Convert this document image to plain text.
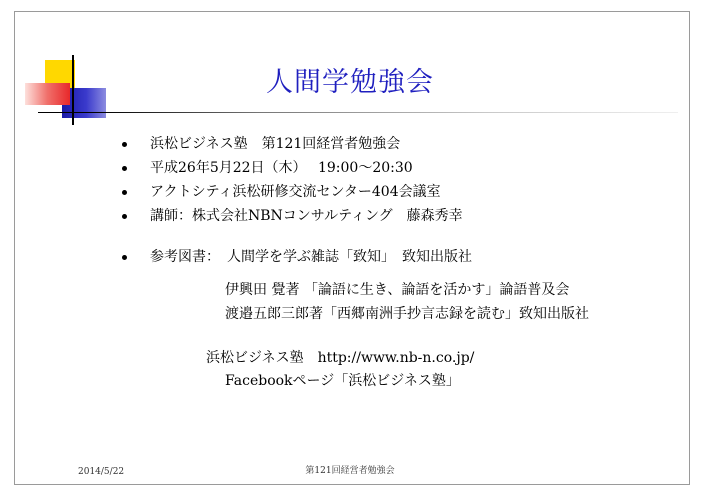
人間学勉強会
浜松ビジネス塾　第121回経営者勉強会
平成26年5月22日（木）　 19:00～20:30
アクトシティ浜松研修交流センター404会議室
講師：株式会社NBNコンサルティング　藤森秀幸
参考図書：　人間学を学ぶ雑誌「致知」　致知出版社
伊興田 覺著 「論語に生き、論語を活かす」論語普及会
渡邉五郎三郎著「西郷南洲手抄言志録を読む」致知出版社
浜松ビジネス塾　http://www.nb-n.co.jp/
Facebookページ「浜松ビジネス塾」
2014/5/22	第121回経営者勉強会
